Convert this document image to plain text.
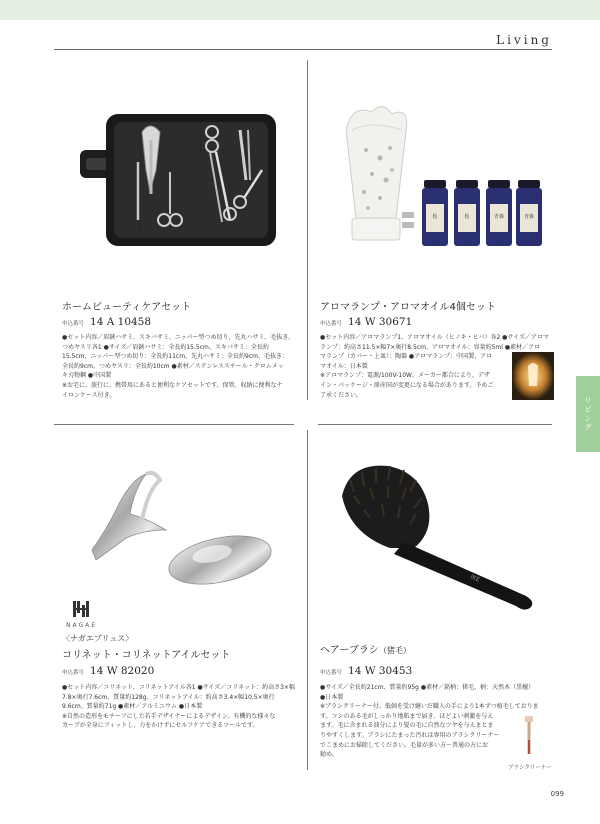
Living
リビング
099
ホームビューティケアセット
申込番号 14 A 10458

●セット内容／眉鋏ハサミ、スキバサミ、ニッパー型つめ切り、先丸ハサミ、毛抜き、

つめヤスリ各1 ●サイズ／眉鋏ハサミ：全長約15.5cm、スキバサミ：全長約

15.5cm、ニッパー型つめ切り：全長約11cm、先丸ハサミ：全長約9cm、毛抜き：

全長約9cm、つめヤスリ：全長約10cm ●素材／ステンレススチール・クロムメッ

キ刃物鋼 ●中国製

※お宅に、旅行に、携帯用にあると便利なケアセットです。保管、収納に便利なナ

イロンケース付き。

桧	桧	青森	青森
アロマランプ・アロマオイル4個セット
申込番号 14 W 30671

●セット内容／アロマランプ1、アロマオイル（ヒノキ・ヒバ）各2 ●サイズ／アロマ

ランプ：約高さ11.5×幅7×奥行8.5cm、アロマオイル：容量約5ml ●素材／アロ

マランプ（カバー・上皿）：陶器 ●アロマランプ：中国製、アロ

マオイル：日本製

※アロマランプ：電源/100V-10W。メーカー都合により、デザ

イン・パッケージ・原産国が変更になる場合があります。予めご

了承ください。

NAGAE
〈ナガエプリュス〉
コリネット・コリネットアイルセット
申込番号 14 W 82020

●セット内容／コリネット、コリネットアイル各1 ●サイズ／コリネット：約高さ3×幅

7.8×奥行7.6cm、質量約128g、コリネットアイル：約高さ3.4×幅10.5×奥行

9.6cm、質量約71g ●素材／アルミニウム ●日本製

※自然の造形をモチーフにした若手デザイナーによるデザイン。有機的な様々な

カーブが全身にフィットし、力をかけずにセルフケアできるツールです。

IKE
ヘアーブラシ（猪毛）
申込番号 14 W 30453

●サイズ／全長約21cm、質量約95g ●素材／銘柄：猪毛、柄：天然木（黒檀）

●日本製

※ブラシクリーナー付。低価を受け継いだ職人の手により1本ずつ植毛しておりま

す。コシのある毛がしっかり地肌まで届き、ほどよい刺激を与え

ます。毛に含まれる油分により髪の毛に自然なツヤを与えまとま

りやすくします。ブラシにたまった汚れは専用のブラシクリーナー

でこまめにお掃除してください。毛量が多い方～普通の方にお

勧め。

ブラシクリーナー
